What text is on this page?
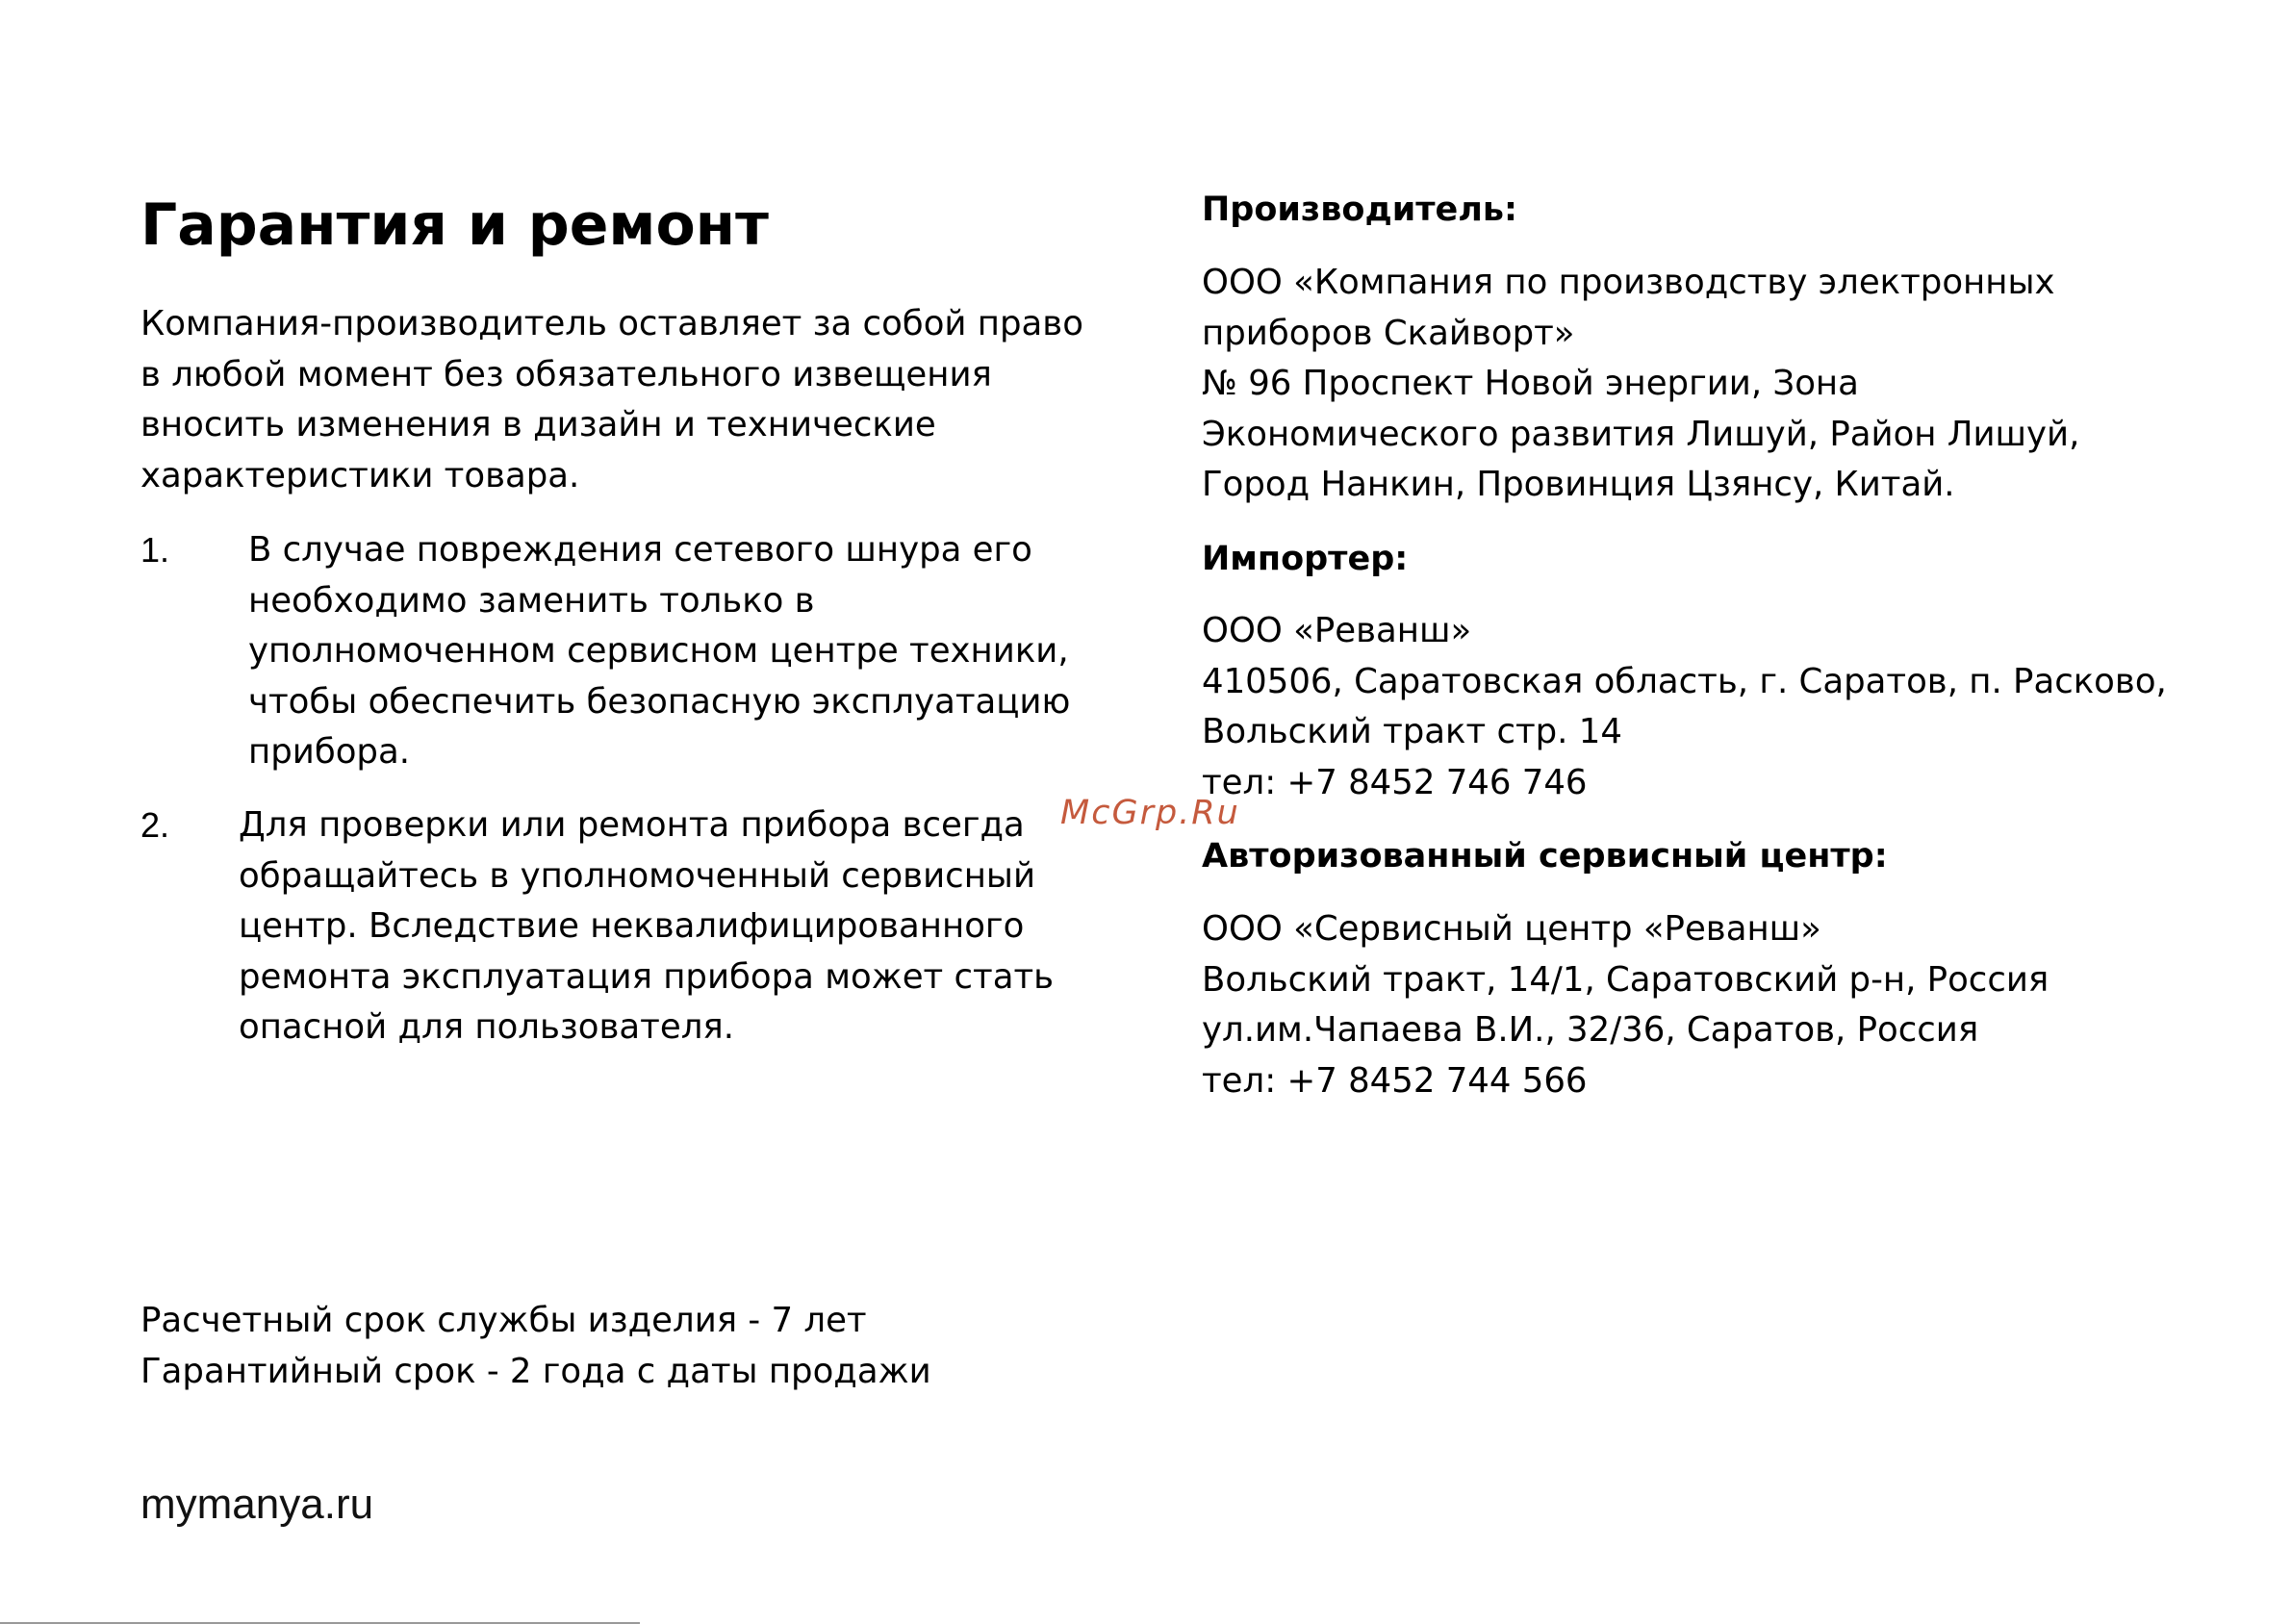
Гарантия и ремонт
Компания-производитель оставляет за собой право
в любой момент без обязательного извещения
вносить изменения в дизайн и технические
характеристики товара.
1. В случае повреждения сетевого шнура его
необходимо заменить только в
уполномоченном сервисном центре техники,
чтобы обеспечить безопасную эксплуатацию
прибора.
2. Для проверки или ремонта прибора всегда
обращайтесь в уполномоченный сервисный
центр. Вследствие неквалифицированного
ремонта эксплуатация прибора может стать
опасной для пользователя.
Расчетный срок службы изделия - 7 лет
Гарантийный срок - 2 года с даты продажи
mymanya.ru
Производитель:
ООО «Компания по производству электронных
приборов Скайворт»
№ 96 Проспект Новой энергии, Зона
Экономического развития Лишуй, Район Лишуй,
Город Нанкин, Провинция Цзянсу, Китай.
Импортер:
ООО «Реванш»
410506, Саратовская область, г. Саратов, п. Расково,
Вольский тракт стр. 14
тел: +7 8452 746 746
Авторизованный сервисный центр:
ООО «Сервисный центр «Реванш»
Вольский тракт, 14/1, Саратовский р-н, Россия
ул.им.Чапаева В.И., 32/36, Саратов, Россия
тел: +7 8452 744 566
McGrp.Ru
